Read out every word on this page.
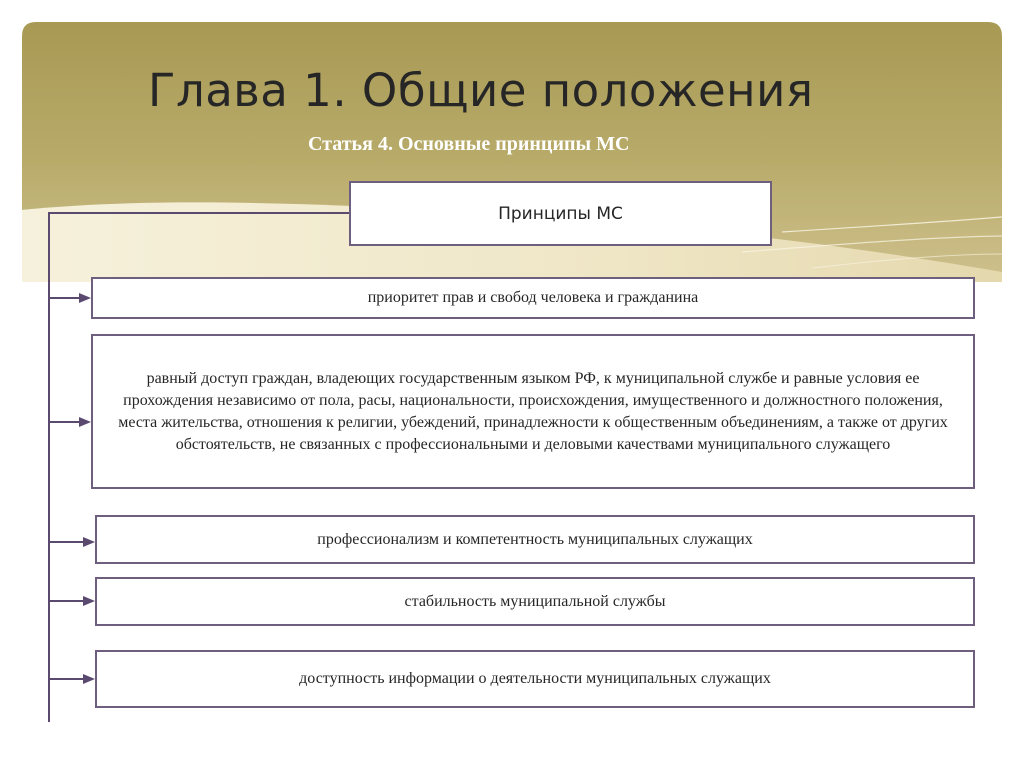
Глава 1. Общие положения
Статья 4. Основные принципы МС
Принципы МС
приоритет прав и свобод человека и гражданина
равный доступ граждан, владеющих государственным языком РФ, к муниципальной службе и равные условия ее прохождения независимо от пола, расы, национальности, происхождения, имущественного и должностного положения, места жительства, отношения к религии, убеждений, принадлежности к общественным объединениям, а также от других обстоятельств, не связанных с профессиональными и деловыми качествами муниципального служащего
профессионализм и компетентность муниципальных служащих
стабильность муниципальной службы
доступность информации о деятельности муниципальных служащих
